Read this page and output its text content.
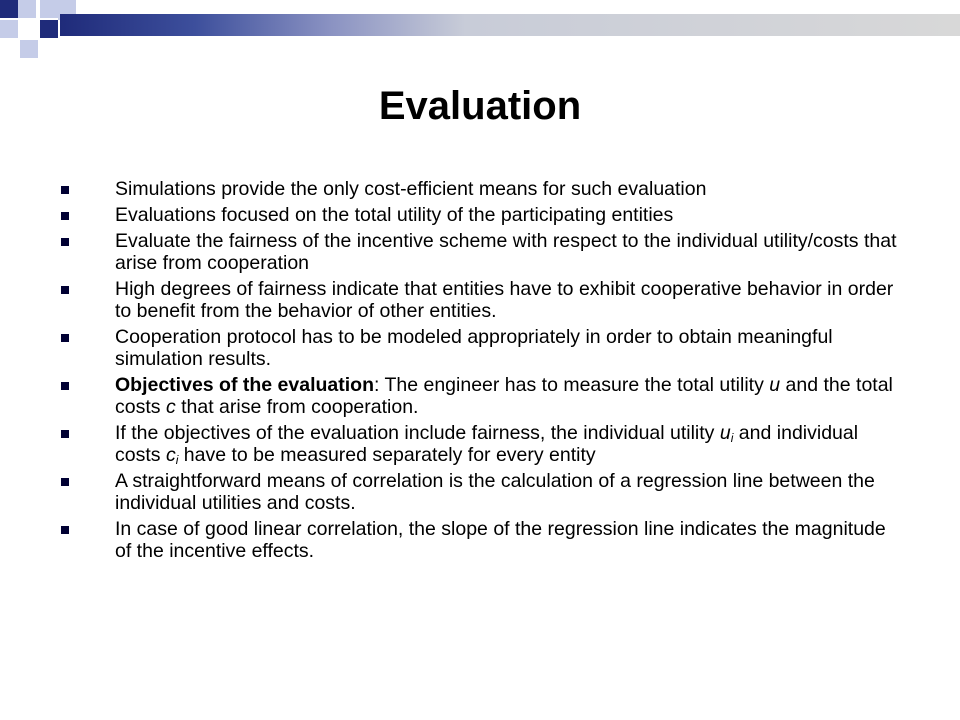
Evaluation
Simulations provide the only cost-efficient means for such evaluation
Evaluations focused on the total utility of the participating entities
Evaluate the fairness of the incentive scheme with respect to the individual utility/costs that arise from cooperation
High degrees of fairness indicate that entities have to exhibit cooperative behavior in order to benefit from the behavior of other entities.
Cooperation protocol has to be modeled appropriately in order to obtain meaningful simulation results.
Objectives of the evaluation: The engineer has to measure the total utility u and the total costs c that arise from cooperation.
If the objectives of the evaluation include fairness, the individual utility $u_i$ and individual costs $c_i$ have to be measured separately for every entity
A straightforward means of correlation is the calculation of a regression line between the individual utilities and costs.
In case of good linear correlation, the slope of the regression line indicates the magnitude of the incentive effects.
